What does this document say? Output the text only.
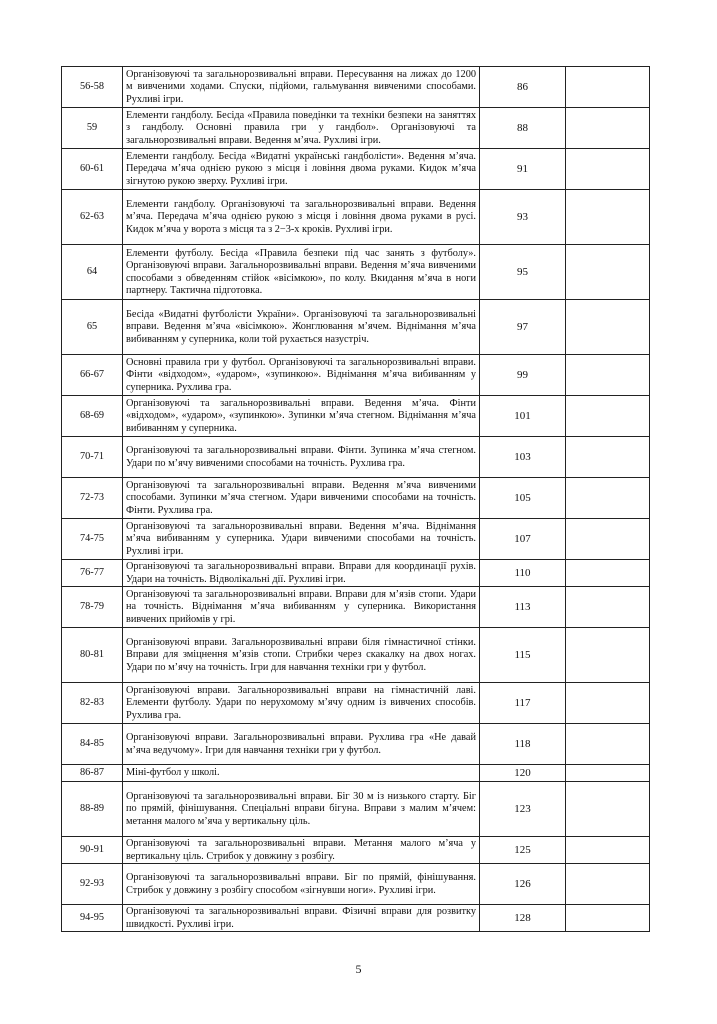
56-58	Організовуючі та загальнорозвивальні вправи. Пересування на лижах до 1200 м вивченими ходами. Спуски, підйоми, гальмування вивченими способами. Рухливі ігри.	86	
59	Елементи гандболу. Бесіда «Правила поведінки та техніки безпеки на заняттях з гандболу. Основні правила гри у гандбол». Організовуючі та загальнорозвивальні вправи. Ведення м’яча. Рухливі ігри.	88	
60-61	Елементи гандболу. Бесіда «Видатні українські гандболісти». Ведення м’яча. Передача м’яча однією рукою з місця і ловіння двома руками. Кидок м’яча зігнутою рукою зверху. Рухливі ігри.	91	
62-63	Елементи гандболу. Організовуючі та загальнорозвивальні вправи. Ведення м’яча. Передача м’яча однією рукою з місця і ловіння двома руками в русі. Кидок м’яча у ворота з місця та з 2−3-х кроків. Рухливі ігри.	93	
64	Елементи футболу. Бесіда «Правила безпеки під час занять з футболу». Організовуючі вправи. Загальнорозвивальні вправи. Ведення м’яча вивченими способами з обведенням стійок «вісімкою», по колу. Вкидання м’яча в ноги партнеру. Тактична підготовка.	95	
65	Бесіда «Видатні футболісти України». Організовуючі та загальнорозвивальні вправи. Ведення м’яча «вісімкою». Жонглювання м’ячем. Віднімання м’яча вибиванням у суперника, коли той рухається назустріч.	97	
66-67	Основні правила гри у футбол. Організовуючі та загальнорозвивальні вправи. Фінти «відходом», «ударом», «зупинкою». Віднімання м’яча вибиванням у суперника. Рухлива гра.	99	
68-69	Організовуючі та загальнорозвивальні вправи. Ведення м’яча. Фінти «відходом», «ударом», «зупинкою». Зупинки м’яча стегном. Віднімання м’яча вибиванням у суперника.	101	
70-71	Організовуючі та загальнорозвивальні вправи. Фінти. Зупинка м’яча стегном. Удари по м’ячу вивченими способами на точність. Рухлива гра.	103	
72-73	Організовуючі та загальнорозвивальні вправи. Ведення м’яча вивченими способами. Зупинки м’яча стегном. Удари вивченими способами на точність. Фінти. Рухлива гра.	105	
74-75	Організовуючі та загальнорозвивальні вправи. Ведення м’яча. Віднімання м’яча вибиванням у суперника. Удари вивченими способами на точність. Рухливі ігри.	107	
76-77	Організовуючі та загальнорозвивальні вправи. Вправи для координації рухів. Удари на точність. Відволікальні дії. Рухливі ігри.	110	
78-79	Організовуючі та загальнорозвивальні вправи. Вправи для м’язів стопи. Удари на точність. Віднімання м’яча вибиванням у суперника. Використання вивчених прийомів у грі.	113	
80-81	Організовуючі вправи. Загальнорозвивальні вправи біля гімнастичної стінки. Вправи для зміцнення м’язів стопи. Стрибки через скакалку на двох ногах. Удари по м’ячу на точність. Ігри для навчання техніки гри у футбол.	115	
82-83	Організовуючі вправи. Загальнорозвивальні вправи на гімнастичній лаві. Елементи футболу. Удари по нерухомому м’ячу одним із вивчених способів. Рухлива гра.	117	
84-85	Організовуючі вправи. Загальнорозвивальні вправи. Рухлива гра «Не давай м’яча ведучому». Ігри для навчання техніки гри у футбол.	118	
86-87	Міні-футбол у школі.	120	
88-89	Організовуючі та загальнорозвивальні вправи. Біг 30 м із низького старту. Біг по прямій, фінішування. Спеціальні вправи бігуна. Вправи з малим м’ячем: метання малого м’яча у вертикальну ціль.	123	
90-91	Організовуючі та загальнорозвивальні вправи. Метання малого м’яча у вертикальну ціль. Стрибок у довжину з розбігу.	125	
92-93	Організовуючі та загальнорозвивальні вправи. Біг по прямій, фінішування. Стрибок у довжину з розбігу способом «зігнувши ноги». Рухливі ігри.	126	
94-95	Організовуючі та загальнорозвивальні вправи. Фізичні вправи для розвитку швидкості. Рухливі ігри.	128	
5
